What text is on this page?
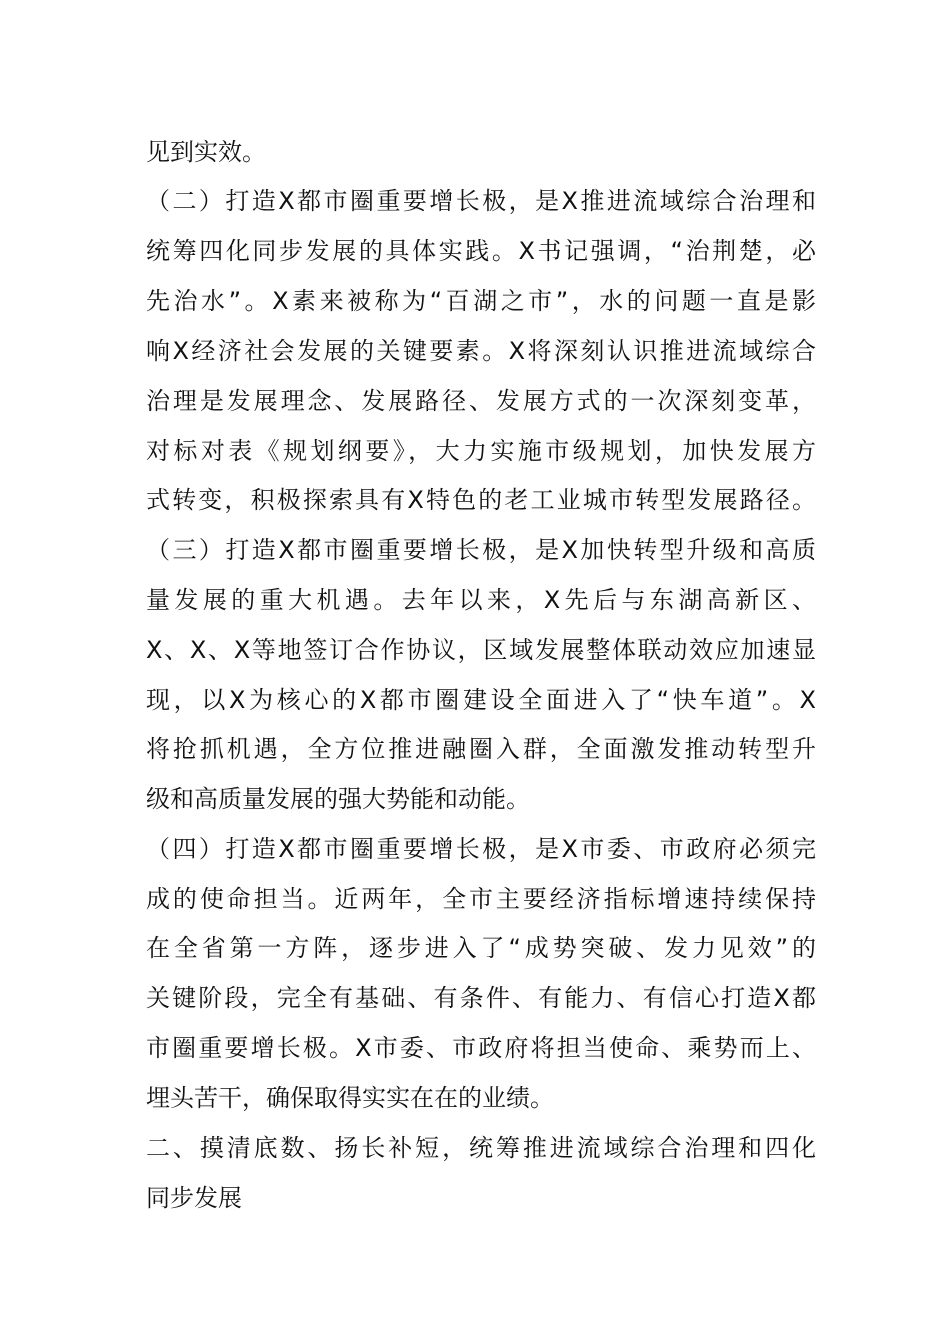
见到实效。
（二）打造X都市圈重要增长极，是X推进流域综合治理和
统筹四化同步发展的具体实践。X书记强调，“治荆楚，必
先治水”。X素来被称为“百湖之市”，水的问题一直是影
响X经济社会发展的关键要素。X将深刻认识推进流域综合
治理是发展理念、发展路径、发展方式的一次深刻变革，
对标对表《规划纲要》，大力实施市级规划，加快发展方
式转变，积极探索具有X特色的老工业城市转型发展路径。
（三）打造X都市圈重要增长极，是X加快转型升级和高质
量发展的重大机遇。去年以来，X先后与东湖高新区、
X、X、X等地签订合作协议，区域发展整体联动效应加速显
现，以X为核心的X都市圈建设全面进入了“快车道”。X
将抢抓机遇，全方位推进融圈入群，全面激发推动转型升
级和高质量发展的强大势能和动能。
（四）打造X都市圈重要增长极，是X市委、市政府必须完
成的使命担当。近两年，全市主要经济指标增速持续保持
在全省第一方阵，逐步进入了“成势突破、发力见效”的
关键阶段，完全有基础、有条件、有能力、有信心打造X都
市圈重要增长极。X市委、市政府将担当使命、乘势而上、
埋头苦干，确保取得实实在在的业绩。
二、摸清底数、扬长补短，统筹推进流域综合治理和四化
同步发展
